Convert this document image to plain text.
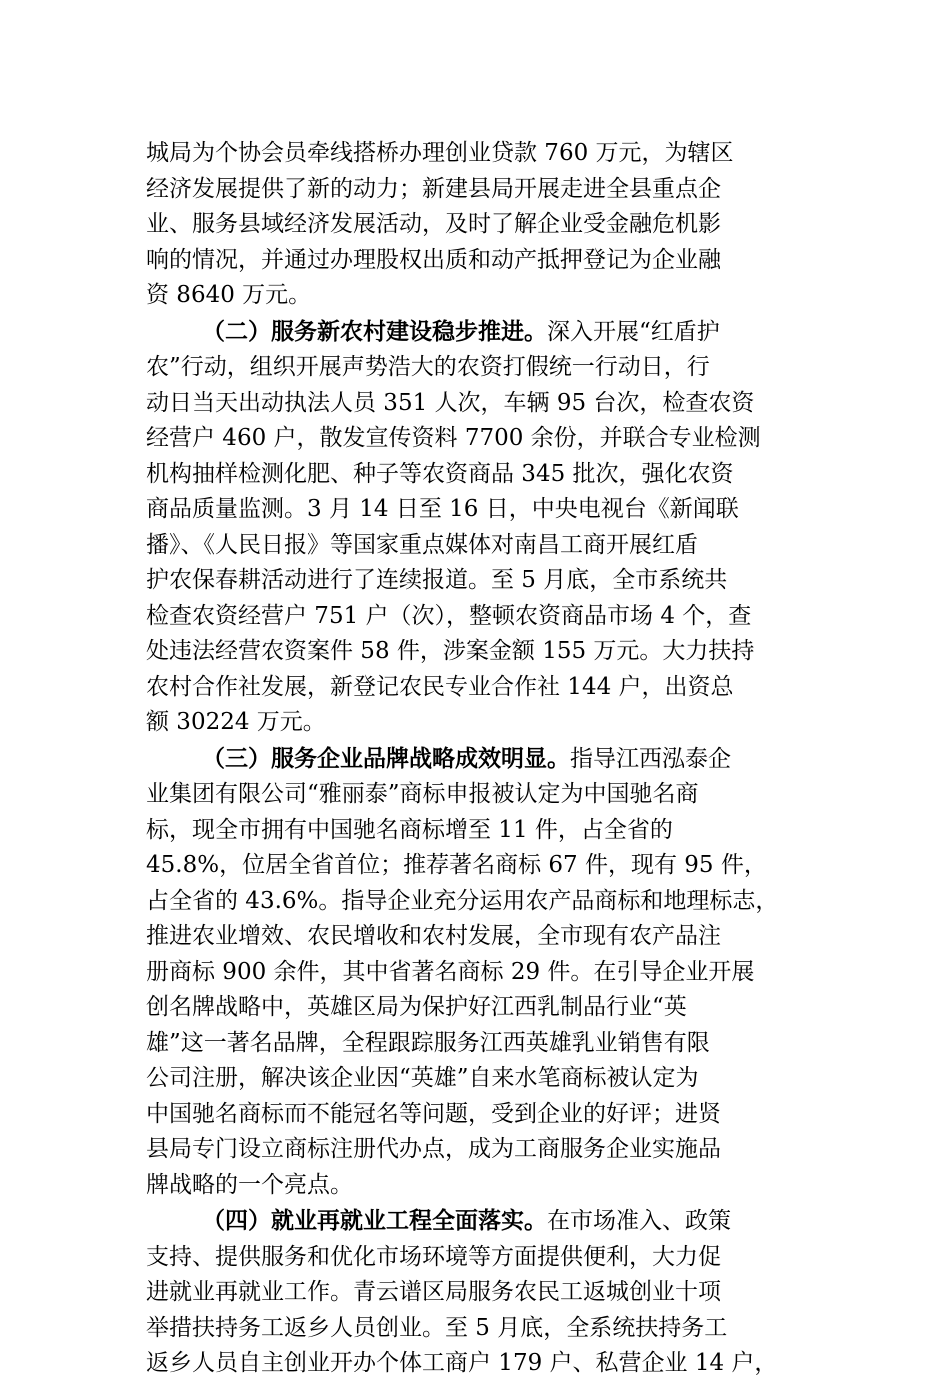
城局为个协会员牵线搭桥办理创业贷款 760 万元，为辖区
经济发展提供了新的动力；新建县局开展走进全县重点企
业、服务县域经济发展活动，及时了解企业受金融危机影
响的情况，并通过办理股权出质和动产抵押登记为企业融
资 8640 万元。
（二）服务新农村建设稳步推进。深入开展“红盾护
农”行动，组织开展声势浩大的农资打假统一行动日，行
动日当天出动执法人员 351 人次，车辆 95 台次，检查农资
经营户 460 户，散发宣传资料 7700 余份，并联合专业检测
机构抽样检测化肥、种子等农资商品 345 批次，强化农资
商品质量监测。3 月 14 日至 16 日，中央电视台《新闻联
播》、《人民日报》等国家重点媒体对南昌工商开展红盾
护农保春耕活动进行了连续报道。至 5 月底，全市系统共
检查农资经营户 751 户（次），整顿农资商品市场 4 个，查
处违法经营农资案件 58 件，涉案金额 155 万元。大力扶持
农村合作社发展，新登记农民专业合作社 144 户，出资总
额 30224 万元。
（三）服务企业品牌战略成效明显。指导江西泓泰企
业集团有限公司“雅丽泰”商标申报被认定为中国驰名商
标，现全市拥有中国驰名商标增至 11 件，占全省的
45.8%，位居全省首位；推荐著名商标 67 件，现有 95 件，
占全省的 43.6%。指导企业充分运用农产品商标和地理标志，
推进农业增效、农民增收和农村发展，全市现有农产品注
册商标 900 余件，其中省著名商标 29 件。在引导企业开展
创名牌战略中，英雄区局为保护好江西乳制品行业“英
雄”这一著名品牌，全程跟踪服务江西英雄乳业销售有限
公司注册，解决该企业因“英雄”自来水笔商标被认定为
中国驰名商标而不能冠名等问题，受到企业的好评；进贤
县局专门设立商标注册代办点，成为工商服务企业实施品
牌战略的一个亮点。
（四）就业再就业工程全面落实。在市场准入、政策
支持、提供服务和优化市场环境等方面提供便利，大力促
进就业再就业工作。青云谱区局服务农民工返城创业十项
举措扶持务工返乡人员创业。至 5 月底，全系统扶持务工
返乡人员自主创业开办个体工商户 179 户、私营企业 14 户，
